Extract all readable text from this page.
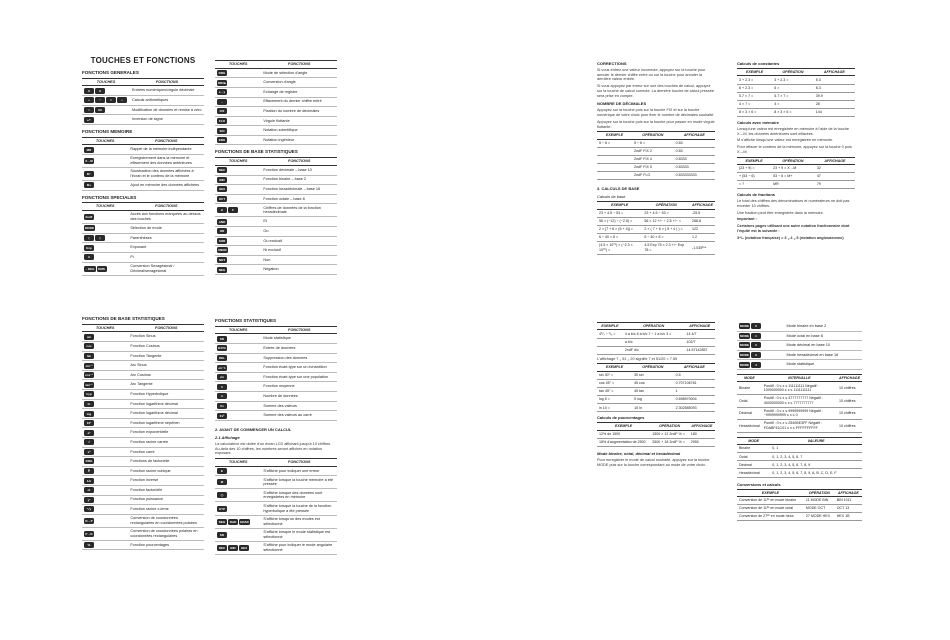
TOUCHES ET FONCTIONS
FONCTIONS GENERALES
TOUCHES	FONCTIONS
0 9	Entrées numériques/virgule décimale
+ − × ÷	Calculs arithmétiques
= AC	Modification de données et remise à zéro
+/−	Inversion de signe
FONCTIONS MEMOIRE
TOUCHES	FONCTIONS
MR	Rappel de la mémoire indépendante
X→M	Enregistrement dans la mémoire et effacement des données antérieures
M−	Soustraction des données affichées à l'écran et le contenu de la mémoire
M+	Ajout en mémoire des données affichées
FONCTIONS SPECIALES
TOUCHES	FONCTIONS
2ndF	Accès aux fonctions marquées au-dessus des touches
MODE	Sélection de mode
( )	Parenthèses
Exp	Exposant
π	Pi
→DEG DMS	Conversion Sexagésimal / Décimal/sexagésimal
FONCTIONS DE BASE STATISTIQUES
TOUCHES	FONCTIONS
sin	Fonction Sinus
cos	Fonction Cosinus
tan	Fonction Tangente
sin⁻¹	Arc Sinus
cos⁻¹	Arc Cosinus
tan⁻¹	Arc Tangente
hyp	Fonction Hyperbolique
ln	Fonction logarithme décimal
log	Fonction logarithme décimal
10ˣ	Fonction logarithme népérien
eˣ	Fonction exponentielle
√	Fonction racine carrée
x²	Fonction carré
DRG	Fonctions de factorielle
∛	Fonction racine cubique
1/x	Fonction inverse
n!	Fonction factorielle
yˣ	Fonction puissance
ˣ√y	Fonction racine x-ième
R→P	Conversion de coordonnées rectangulaires en coordonnées polaires
P→R	Conversion de coordonnées polaires en coordonnées rectangulaires
%	Fonction pourcentages
TOUCHES	FONCTIONS
DRG	Mode de sélection d'angle
DRG▸	Conversion d'angle
x↔y	Echange de registre
→	Effacement du dernier chiffre entré
FIX	Fixation du nombre de décimales
FLO	Virgule flottante
SCI	Notation scientifique
ENG	Notation ingénieur
FONCTIONS DE BASE STATISTIQUES
TOUCHES	FONCTIONS
DEC	Fonction décimale – base 10
BIN	Fonction binaire – base 2
HEX	Fonction hexadécimale – base 16
OCT	Fonction octale – base 8
A F	Chiffres de données de la fonction hexadécimale
AND	Et
OR	Ou
XOR	Ou exclusif
XNOR	Ni exclusif
NOT	Non
NEG	Négation
FONCTIONS STATISTIQUES
TOUCHES	FONCTIONS
SD	Mode statistique
DATA	Entrée de données
DEL	Suppression des données
σn−1	Fonction écart-type sur un échantillon
σn	Fonction écart-type sur une population
x̄	Fonction moyenne
n	Nombre de données
Σx	Somme des valeurs
Σx²	Somme des valeurs au carré
2. AVANT DE COMMENCER UN CALCUL
2.1 Affichage
La calculatrice est dotée d'un écran LCD affichant jusqu'à 10 chiffres. Au-delà des 10 chiffres, les nombres seront affichés en notation exposant.
TOUCHES	FONCTIONS
E	S'affiche pour indiquer une erreur
M	S'affiche lorsque la touche mémoire a été pressée
( )	S'affiche lorsque des données sont enregistrées en mémoire
HYP	S'affiche lorsque la touche de la fonction hyperbolique a été pressée
DEG RAD GRAD	S'affiche lorsqu'un des modes est sélectionné
SD	S'affiche lorsque le mode statistique est sélectionné
DEC BIN HEX	S'affiche pour indiquer le mode angulaire sélectionné
CORRECTIONS
Si vous entrez une valeur incorrecte, appuyez sur la touche pour annuler le dernier chiffre entré ou sur la touche pour annuler la dernière valeur entrée.
Si vous appuyez par erreur sur une des touches de calcul, appuyez sur la touche de calcul correcte. La dernière touche de calcul pressée sera prise en compte.
NOMBRE DE DÉCIMALES
Appuyez sur la touche puis sur la touche FIX et sur la touche numérique de votre choix pour fixer le nombre de décimales souhaité.
Appuyez sur la touche puis sur la touche pour passer en mode virgule flottante.
EXEMPLE	OPÉRATION	AFFICHAGE
5 ÷ 6 =	5 ÷ 6 =	0.83
	2ndF FIX 2	0.83
	2ndF FIX 4	0.8333
	2ndF FIX 5	0.83333
	2ndF FLO	0.833333333
3. CALCULS DE BASE
Calculs de base
EXEMPLE	OPÉRATION	AFFICHAGE
23 + 4.5 − 53 =	23 + 4.5 − 53 =	-25.5
56 × (−12) ÷ (−2.5) =	56 × 12 +/− ÷ 2.5 +/− =	268.8
2 × [7 + 6 × (5 + 4)] =	2 × ( 7 + 6 × ( 5 + 4 ) ) =	122
6 ÷ 40 × 8 =	6 ÷ 40 × 8 =	1.2
(4.5 × 10⁷⁵) × (−2.3 × 10⁷⁸) =	4.5 Exp 75 × 2.3 +/− Exp 78 =	-1.035¹⁵⁴
Calculs de constantes
EXEMPLE	OPÉRATION	AFFICHAGE
3 + 2.3 =	3 + 2.3 =	5.3
6 + 2.3 =	6 =	8.3
5.7 × 7 =	5.7 × 7 =	39.9
4 × 7 =	4 =	28
8 × 3 × 6 =	8 × 3 × 6 =	144
Calculs avec mémoire
Lorsqu'une valeur est enregistrée en mémoire à l'aide de la touche X→M, les données antérieures sont effacées.
M s'affiche lorsqu'une valeur est enregistrée en mémoire.
Pour effacer le contenu de la mémoire, appuyez sur la touche 0 puis X→M.
EXEMPLE	OPÉRATION	AFFICHAGE
(23 + 9) =	23 + 9 = X→M	32
+ (53 − 6)	53 − 6 = M+	47
= ?	MR	79
Calculs de fractions
Le total des chiffres des dénominateurs et numérateurs ne doit pas excéder 10 chiffres.
Une fraction peut être enregistrée dans la mémoire.
Important :
Certaines pages utilisant une autre notation fractionnaire dont l'équité est la suivante :
3⁴/₅ (notation française) = 3 ⌟ 4 ⌟ 5 (notation anglosaxonne)
EXEMPLE	OPÉRATION	AFFICHAGE
4⁶/₇ ÷ ¹/₃ =	4 a b/c 6 a b/c 7 ÷ 1 a b/c 3 =	14 4/7
	a b/c	102/7
	2ndF d/c	14.57142857
L'affichage 7 ⌟ 51 ⌟ 20 signifie 7 et 51/20 = 7.55
EXEMPLE	OPÉRATION	AFFICHAGE
sin 30° =	30 sin	0.5
cos 45° =	45 cos	0.707106781
tan 45° =	45 tan	1
log 5 =	5 log	0.698970004
ln 10 =	10 ln	2.302585093
Calculs de pourcentages
EXEMPLE	OPÉRATION	AFFICHAGE
12% de 1500	1500 × 12 2ndF % =	180
18% d'augmentation de 2500	2500 + 18 2ndF % =	2950
Mode binaire, octal, décimal et hexadécimal
Pour enregistrer le mode de calcul souhaité, appuyez sur la touche MODE puis sur la touche correspondant au mode de votre choix.
MODE 0	Mode binaire en base 2
MODE 1	Mode octal en base 8
MODE 2	Mode décimal en base 10
MODE 3	Mode hexadécimal en base 16
MODE 4	Mode statistique
MODE	INTERVALLE	AFFICHAGE
Binaire	Positif : 0 ≤ x ≤ 111111111 Négatif : 1000000000 ≤ x ≤ 1111111111	10 chiffres
Octal	Positif : 0 ≤ x ≤ 3777777777 Négatif : 4000000000 ≤ x ≤ 7777777777	10 chiffres
Décimal	Positif : 0 ≤ x ≤ 9999999999 Négatif : −9999999999 ≤ x ≤ 0	10 chiffres
Hexadécimal	Positif : 0 ≤ x ≤ 2540BE3FF Négatif : FDABF41C01 ≤ x ≤ FFFFFFFFFF	10 chiffres
MODE	VALEURE
Binaire	0, 1
Octal	0, 1, 2, 3, 4, 5, 6, 7
Décimal	0, 1, 2, 3, 4, 5, 6, 7, 8, 9
Hexadécimal	0, 1, 2, 3, 4, 5, 6, 7, 8, 9, A, B, C, D, E, F
Conversions et calculs
EXEMPLE	OPÉRATION	AFFICHAGE
Conversion de 11²ᵉ en mode binaire	11 MODE BIN	BIN 1011
Conversion de 11²ᵉ en mode octal	MODE OCT	OCT 13
Conversion de 27²ᵉ en mode hexa	27 MODE HEX	HEX 1B
